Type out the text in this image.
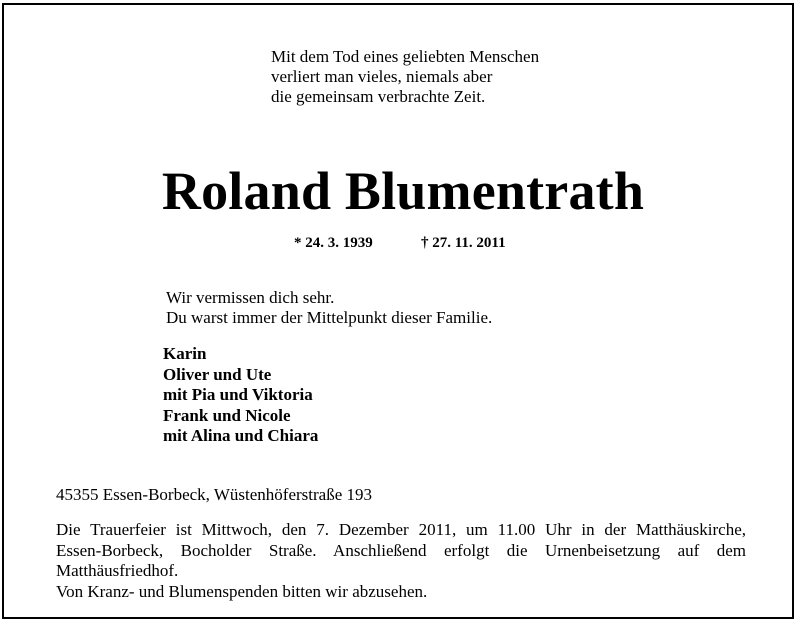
Mit dem Tod eines geliebten Menschen
verliert man vieles, niemals aber
die gemeinsam verbrachte Zeit.
Roland Blumentrath
* 24. 3. 1939	† 27. 11. 2011
Wir vermissen dich sehr.
Du warst immer der Mittelpunkt dieser Familie.
Karin
Oliver und Ute
mit Pia und Viktoria
Frank und Nicole
mit Alina und Chiara
45355 Essen-Borbeck, Wüstenhöferstraße 193
Die Trauerfeier ist Mittwoch, den 7. Dezember 2011, um 11.00 Uhr in der Matthäuskirche,
Essen-Borbeck, Bocholder Straße. Anschließend erfolgt die Urnenbeisetzung auf dem
Matthäusfriedhof.
Von Kranz- und Blumenspenden bitten wir abzusehen.
